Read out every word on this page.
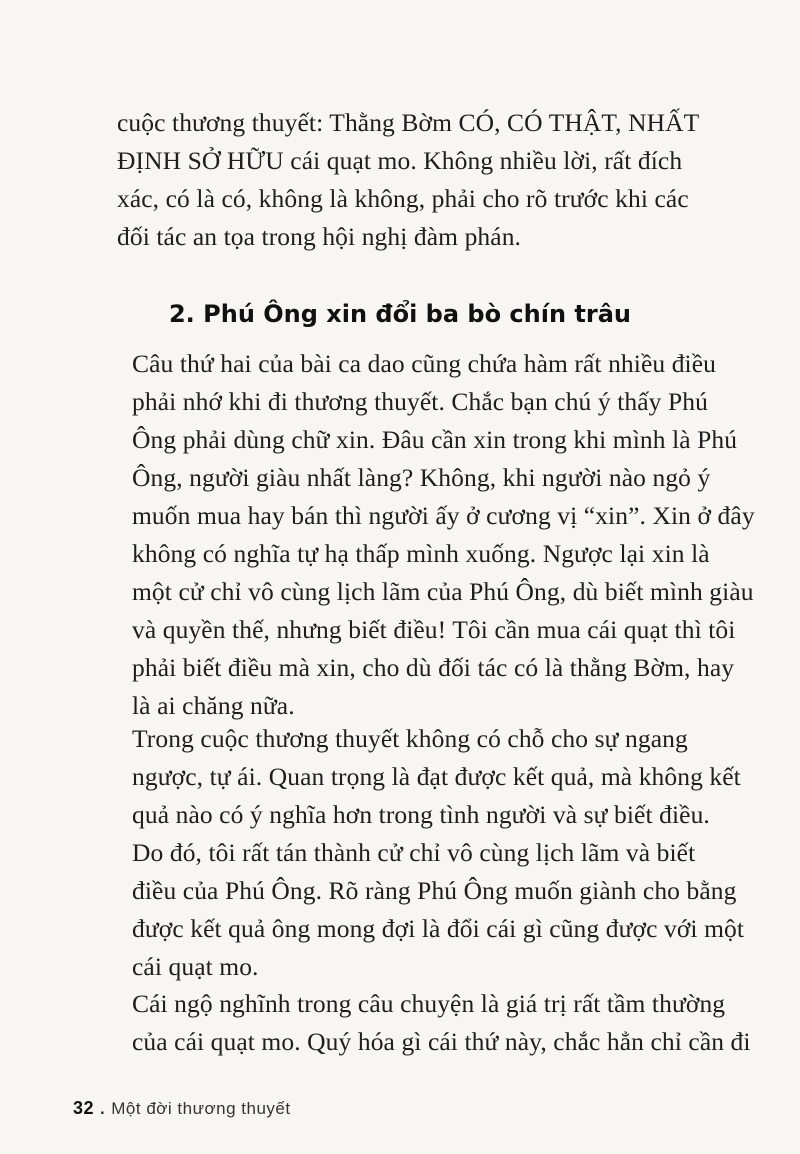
cuộc thương thuyết: Thằng Bờm CÓ, CÓ THẬT, NHẤT
ĐỊNH SỞ HỮU cái quạt mo. Không nhiều lời, rất đích
xác, có là có, không là không, phải cho rõ trước khi các
đối tác an tọa trong hội nghị đàm phán.
2. Phú Ông xin đổi ba bò chín trâu
Câu thứ hai của bài ca dao cũng chứa hàm rất nhiều điều
phải nhớ khi đi thương thuyết. Chắc bạn chú ý thấy Phú
Ông phải dùng chữ xin. Đâu cần xin trong khi mình là Phú
Ông, người giàu nhất làng? Không, khi người nào ngỏ ý
muốn mua hay bán thì người ấy ở cương vị “xin”. Xin ở đây
không có nghĩa tự hạ thấp mình xuống. Ngược lại xin là
một cử chỉ vô cùng lịch lãm của Phú Ông, dù biết mình giàu
và quyền thế, nhưng biết điều! Tôi cần mua cái quạt thì tôi
phải biết điều mà xin, cho dù đối tác có là thằng Bờm, hay
là ai chăng nữa.
Trong cuộc thương thuyết không có chỗ cho sự ngang
ngược, tự ái. Quan trọng là đạt được kết quả, mà không kết
quả nào có ý nghĩa hơn trong tình người và sự biết điều.
Do đó, tôi rất tán thành cử chỉ vô cùng lịch lãm và biết
điều của Phú Ông. Rõ ràng Phú Ông muốn giành cho bằng
được kết quả ông mong đợi là đổi cái gì cũng được với một
cái quạt mo.
Cái ngộ nghĩnh trong câu chuyện là giá trị rất tầm thường
của cái quạt mo. Quý hóa gì cái thứ này, chắc hẳn chỉ cần đi
32 . Một đời thương thuyết
